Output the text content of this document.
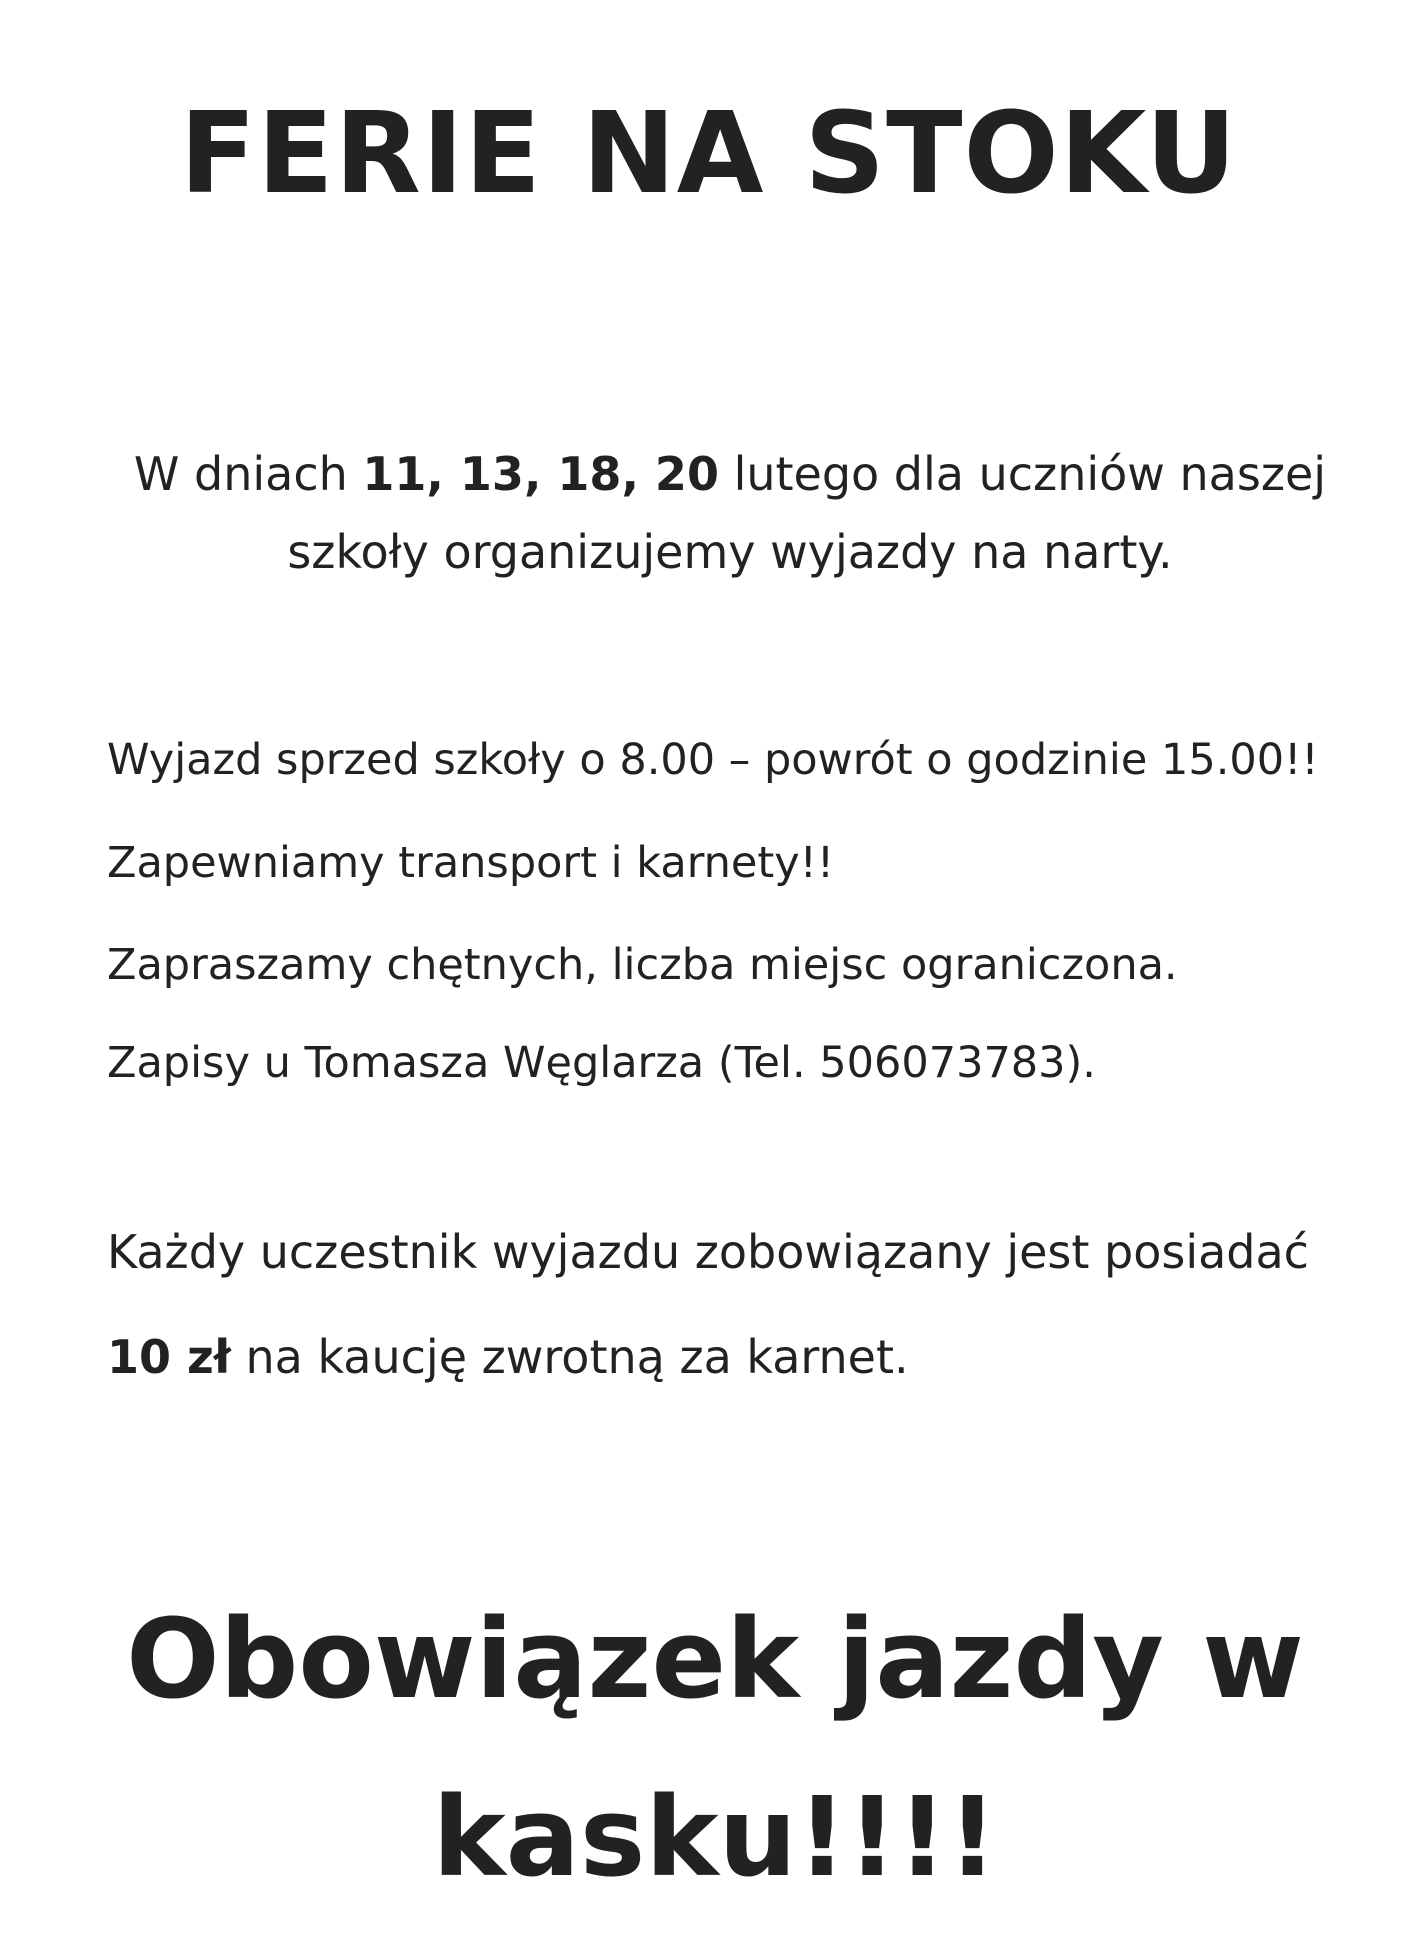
FERIE NA STOKU

W dniach 11, 13, 18, 20 lutego dla uczniów naszej szkoły organizujemy wyjazdy na narty.

Wyjazd sprzed szkoły o 8.00 – powrót o godzinie 15.00!!

Zapewniamy transport i karnety!!

Zapraszamy chętnych, liczba miejsc ograniczona.

Zapisy u Tomasza Węglarza (Tel. 506073783).

Każdy uczestnik wyjazdu zobowiązany jest posiadać

10 zł na kaucję zwrotną za karnet.

Obowiązek jazdy w kasku!!!!
